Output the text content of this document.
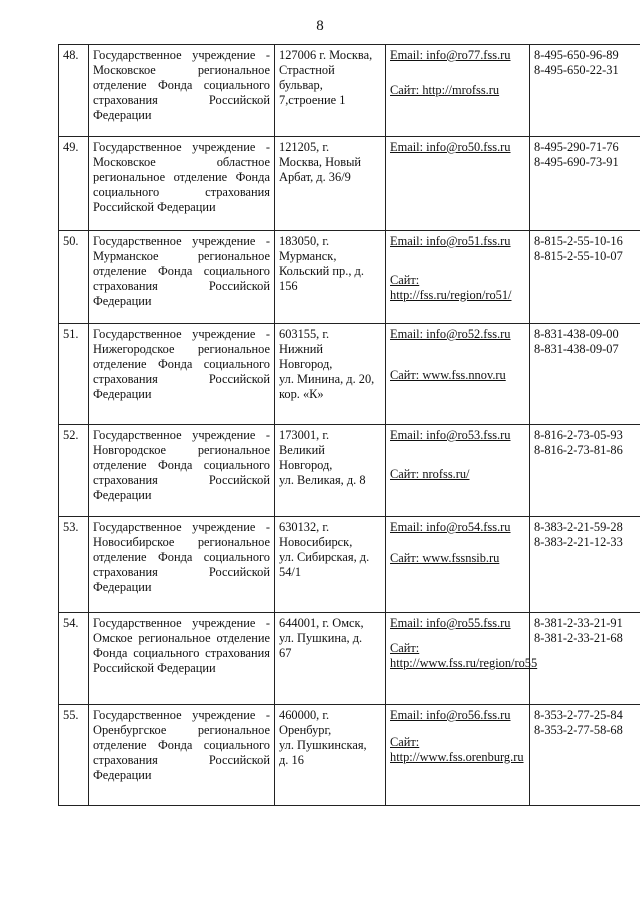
8
48.	Государственное учреждение - Московское региональное отделение Фонда социального страхования Российской Федерации	127006 г. Москва,
Страстной
бульвар,
7,строение 1	Email: info@ro77.fss.ru
Сайт: http://mrofss.ru	8-495-650-96-89
8-495-650-22-31

49.	Государственное учреждение - Московское областное региональное отделение Фонда социального страхования Российской Федерации	121205, г.
Москва, Новый
Арбат, д. 36/9	Email: info@ro50.fss.ru	8-495-290-71-76
8-495-690-73-91

50.	Государственное учреждение - Мурманское региональное отделение Фонда социального страхования Российской Федерации	183050, г.
Мурманск,
Кольский пр., д.
156	Email: info@ro51.fss.ru
Сайт: http://fss.ru/region/ro51/	8-815-2-55-10-16
8-815-2-55-10-07

51.	Государственное учреждение - Нижегородское региональное отделение Фонда социального страхования Российской Федерации	603155, г.
Нижний
Новгород,
ул. Минина, д. 20,
кор. «К»	Email: info@ro52.fss.ru
Сайт: www.fss.nnov.ru	8-831-438-09-00
8-831-438-09-07

52.	Государственное учреждение - Новгородское региональное отделение Фонда социального страхования Российской Федерации	173001, г.
Великий
Новгород,
ул. Великая, д. 8	Email: info@ro53.fss.ru
Сайт: nrofss.ru/	8-816-2-73-05-93
8-816-2-73-81-86

53.	Государственное учреждение - Новосибирское региональное отделение Фонда социального страхования Российской Федерации	630132, г.
Новосибирск,
ул. Сибирская, д.
54/1	Email: info@ro54.fss.ru
Сайт: www.fssnsib.ru	8-383-2-21-59-28
8-383-2-21-12-33

54.	Государственное учреждение - Омское региональное отделение Фонда социального страхования Российской Федерации	644001, г. Омск,
ул. Пушкина, д.
67	Email: info@ro55.fss.ru
Сайт: http://www.fss.ru/region/ro55	8-381-2-33-21-91
8-381-2-33-21-68

55.	Государственное учреждение - Оренбургское региональное отделение Фонда социального страхования Российской Федерации	460000, г.
Оренбург,
ул. Пушкинская,
д. 16	Email: info@ro56.fss.ru
Сайт: http://www.fss.orenburg.ru	8-353-2-77-25-84
8-353-2-77-58-68
